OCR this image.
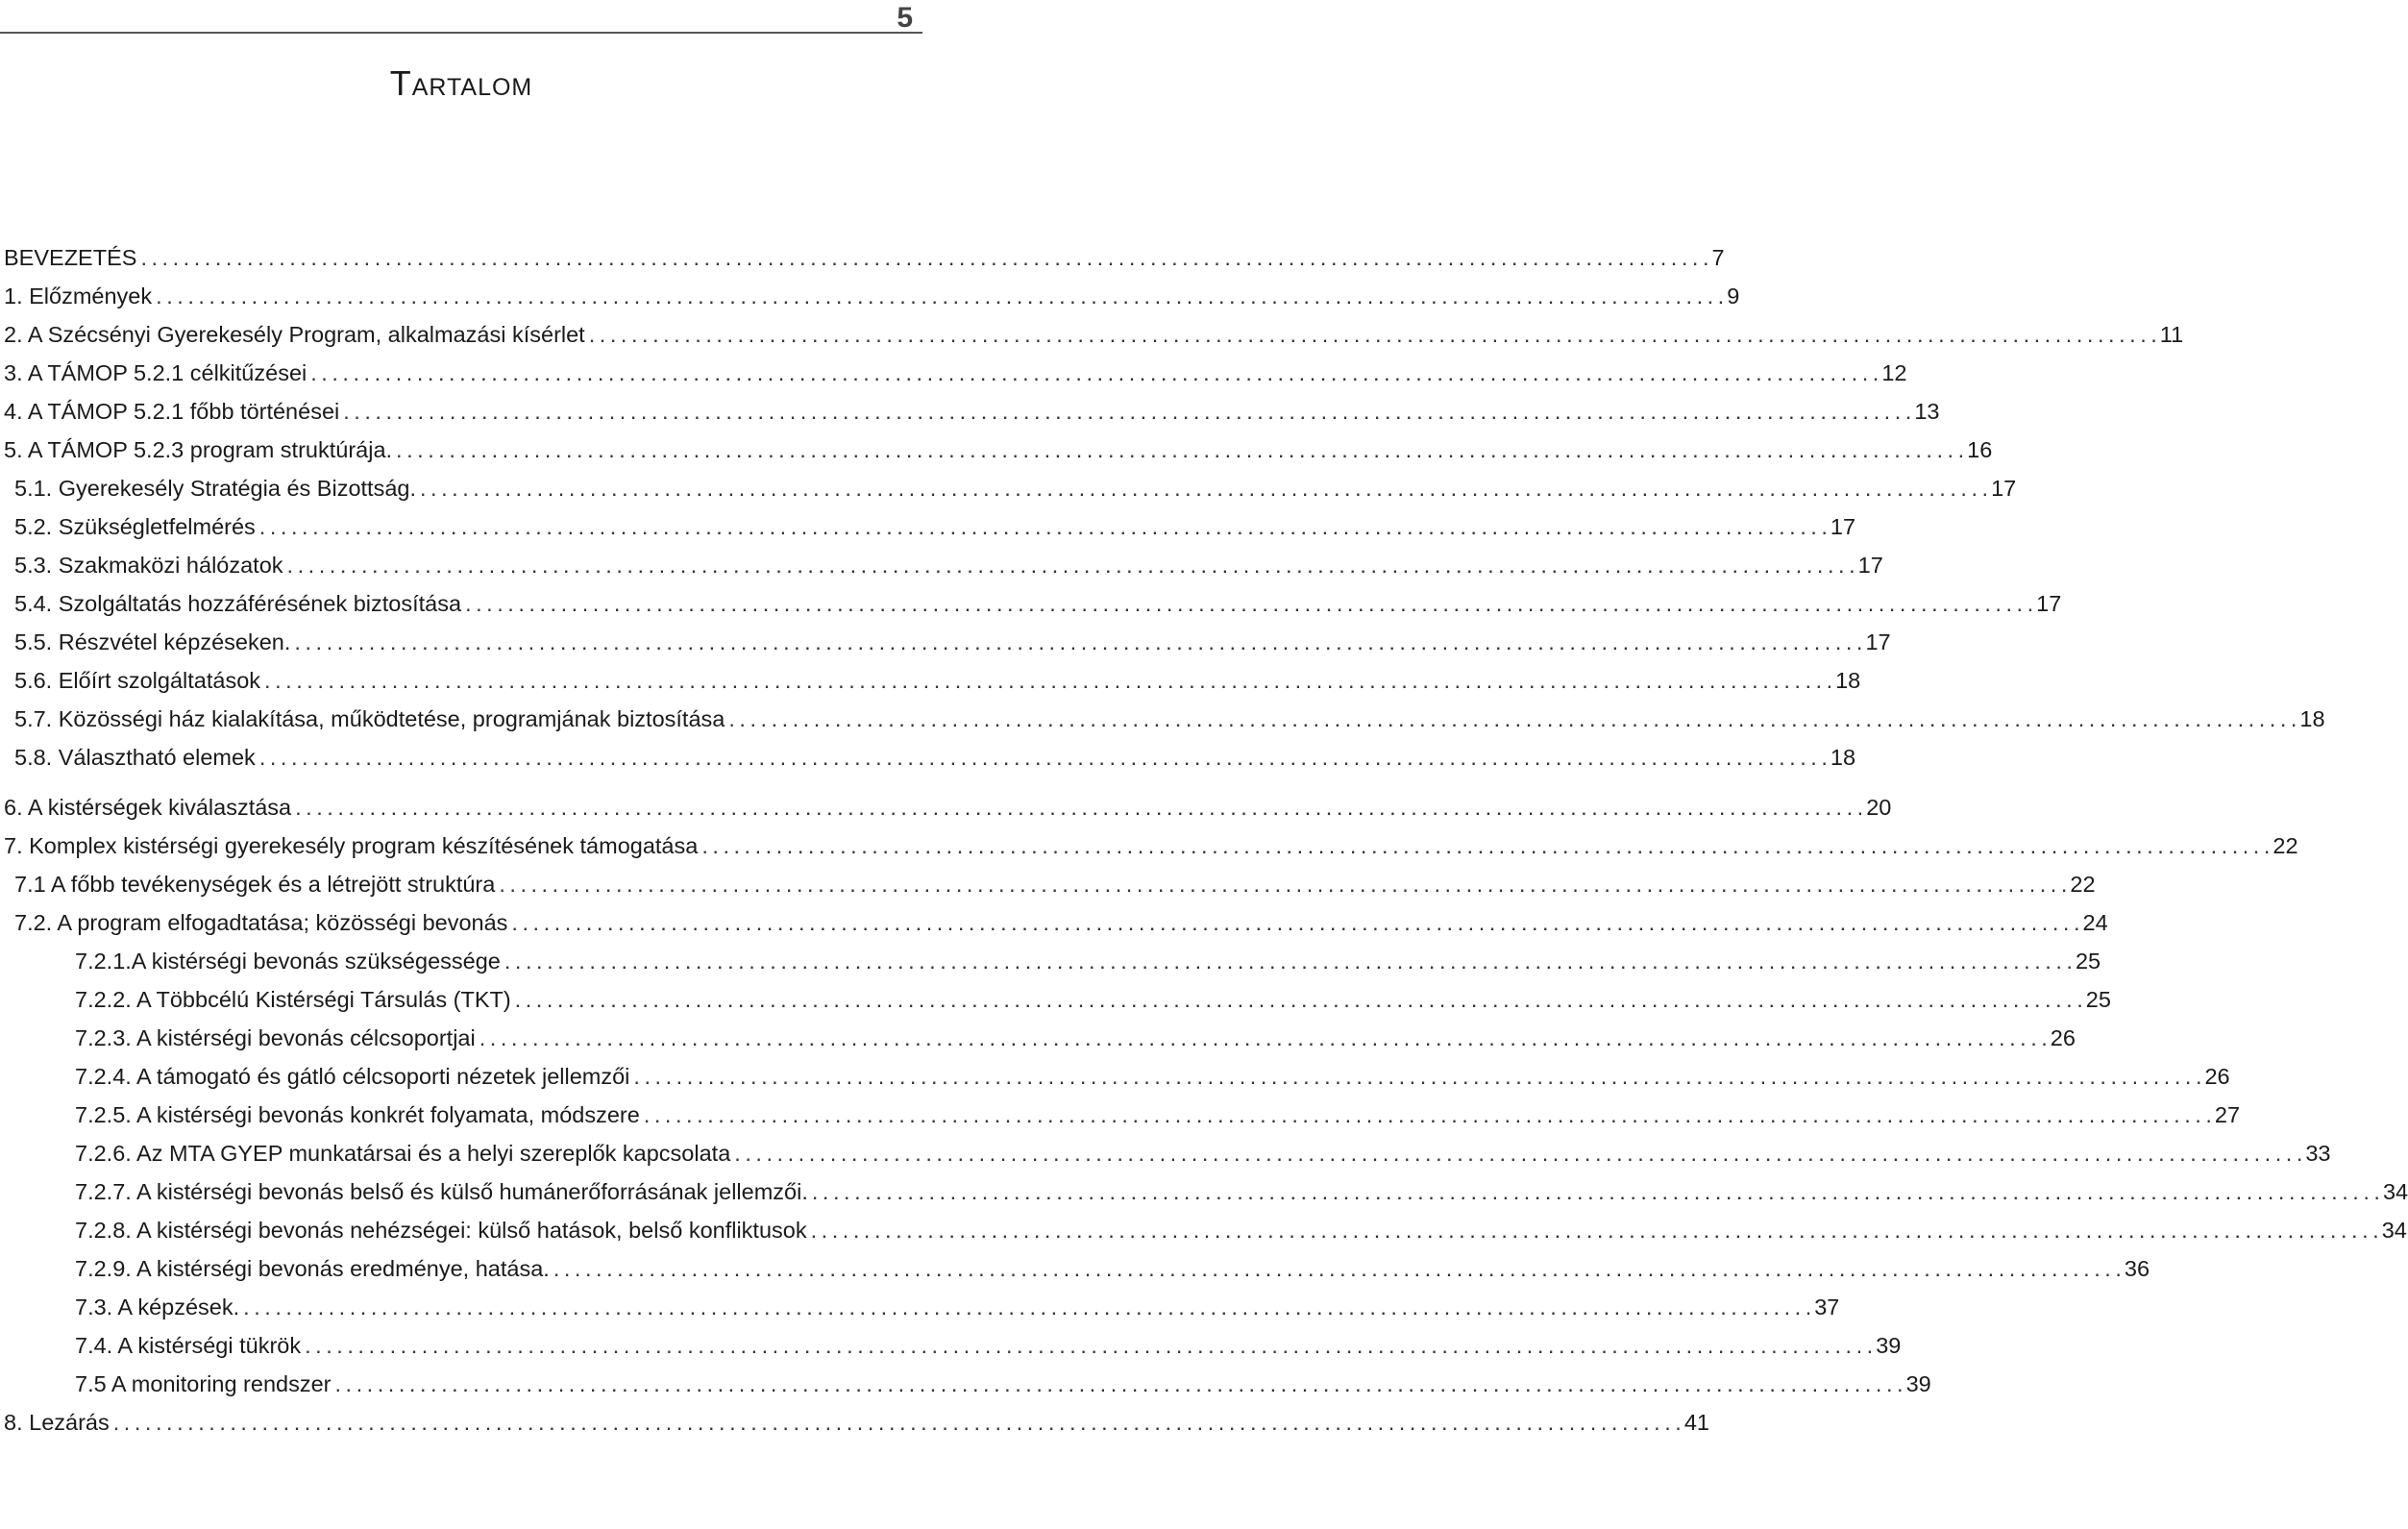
5
Tartalom
BEVEZETÉS . . .	7
1. Előzmények . . .	9
2. A Szécsényi Gyerekesély Program, alkalmazási kísérlet . . .	11
3. A TÁMOP 5.2.1 célkitűzései . . .	12
4. A TÁMOP 5.2.1 főbb történései . . .	13
5. A TÁMOP 5.2.3 program struktúrája. . . .	16
5.1. Gyerekesély Stratégia és Bizottság. . . .	17
5.2. Szükségletfelmérés . . .	17
5.3. Szakmaközi hálózatok . . .	17
5.4. Szolgáltatás hozzáférésének biztosítása . . .	17
5.5. Részvétel képzéseken. . . .	17
5.6. Előírt szolgáltatások . . .	18
5.7. Közösségi ház kialakítása, működtetése, programjának biztosítása . . .	18
5.8. Választható elemek . . .	18
6. A kistérségek kiválasztása . . .	20
7. Komplex kistérségi gyerekesély program készítésének támogatása . . .	22
7.1 A főbb tevékenységek és a létrejött struktúra . . .	22
7.2. A program elfogadtatása; közösségi bevonás . . .	24
7.2.1.A kistérségi bevonás szükségessége . . .	25
7.2.2. A Többcélú Kistérségi Társulás (TKT) . . .	25
7.2.3. A kistérségi bevonás célcsoportjai . . .	26
7.2.4. A támogató és gátló célcsoporti nézetek jellemzői . . .	26
7.2.5. A kistérségi bevonás konkrét folyamata, módszere . . .	27
7.2.6. Az MTA GYEP munkatársai és a helyi szereplők kapcsolata . . .	33
7.2.7. A kistérségi bevonás belső és külső humánerőforrásának jellemzői. . . .	34
7.2.8. A kistérségi bevonás nehézségei: külső hatások, belső konfliktusok . . .	34
7.2.9. A kistérségi bevonás eredménye, hatása. . . .	36
7.3. A képzések. . . .	37
7.4. A kistérségi tükrök . . .	39
7.5 A monitoring rendszer . . .	39
8. Lezárás . . .	41
